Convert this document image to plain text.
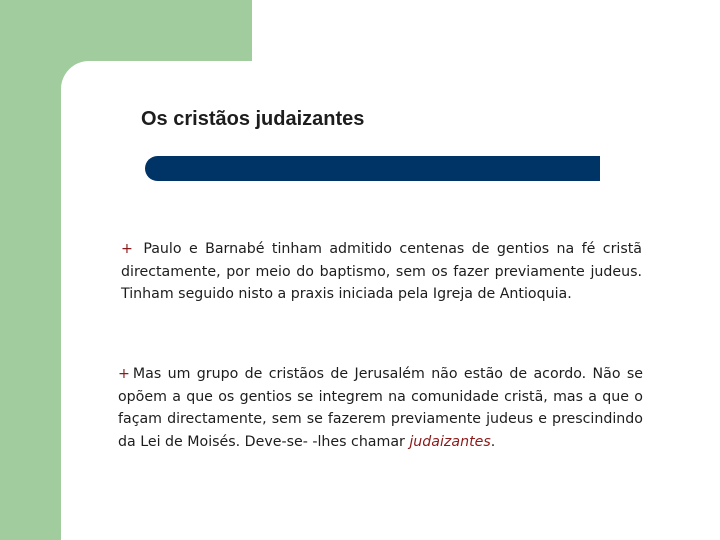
Os cristãos judaizantes

+ Paulo e Barnabé tinham admitido centenas de gentios na fé cristã directamente, por meio do baptismo, sem os fazer previamente judeus. Tinham seguido nisto a praxis iniciada pela Igreja de Antioquia.

+ Mas um grupo de cristãos de Jerusalém não estão de acordo. Não se opõem a que os gentios se integrem na comunidade cristã, mas a que o façam directamente, sem se fazerem previamente judeus e prescindindo da Lei de Moisés. Deve-se- -lhes chamar judaizantes.
